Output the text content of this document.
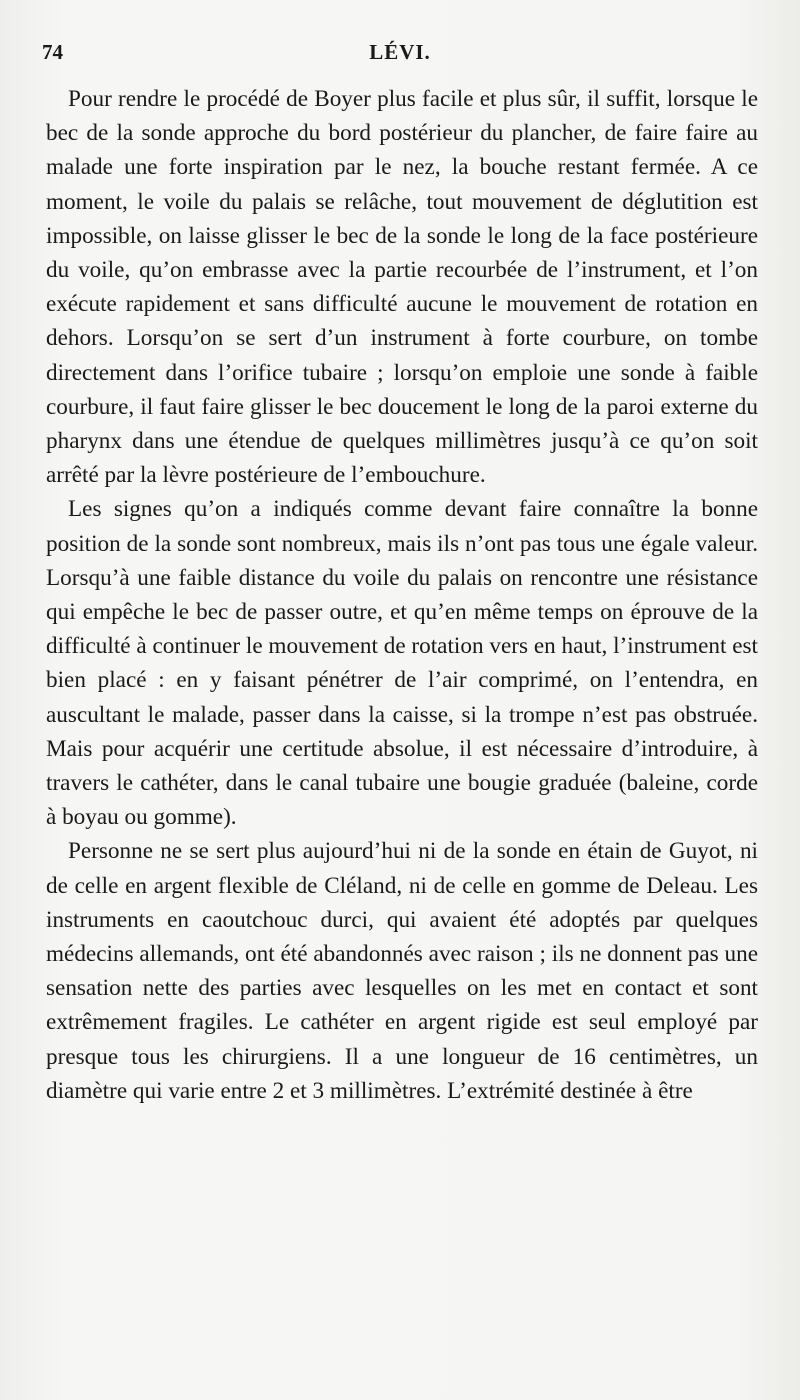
74	LÉVI.

Pour rendre le procédé de Boyer plus facile et plus sûr, il suffit, lorsque le bec de la sonde approche du bord postérieur du plancher, de faire faire au malade une forte inspiration par le nez, la bouche restant fermée. A ce moment, le voile du palais se relâche, tout mouvement de déglutition est impossible, on laisse glisser le bec de la sonde le long de la face postérieure du voile, qu’on embrasse avec la partie recourbée de l’instrument, et l’on exécute rapidement et sans difficulté aucune le mouvement de rotation en dehors. Lorsqu’on se sert d’un instrument à forte courbure, on tombe directement dans l’orifice tubaire ; lorsqu’on emploie une sonde à faible courbure, il faut faire glisser le bec doucement le long de la paroi externe du pharynx dans une étendue de quelques millimètres jusqu’à ce qu’on soit arrêté par la lèvre postérieure de l’embouchure.

Les signes qu’on a indiqués comme devant faire connaître la bonne position de la sonde sont nombreux, mais ils n’ont pas tous une égale valeur. Lorsqu’à une faible distance du voile du palais on rencontre une résistance qui empêche le bec de passer outre, et qu’en même temps on éprouve de la difficulté à continuer le mouvement de rotation vers en haut, l’instrument est bien placé : en y faisant pénétrer de l’air comprimé, on l’entendra, en auscultant le malade, passer dans la caisse, si la trompe n’est pas obstruée. Mais pour acquérir une certitude absolue, il est nécessaire d’introduire, à travers le cathéter, dans le canal tubaire une bougie graduée (baleine, corde à boyau ou gomme).

Personne ne se sert plus aujourd’hui ni de la sonde en étain de Guyot, ni de celle en argent flexible de Cléland, ni de celle en gomme de Deleau. Les instruments en caoutchouc durci, qui avaient été adoptés par quelques médecins allemands, ont été abandonnés avec raison ; ils ne donnent pas une sensation nette des parties avec lesquelles on les met en contact et sont extrêmement fragiles. Le cathéter en argent rigide est seul employé par presque tous les chirurgiens. Il a une longueur de 16 centimètres, un diamètre qui varie entre 2 et 3 millimètres. L’extrémité destinée à être
